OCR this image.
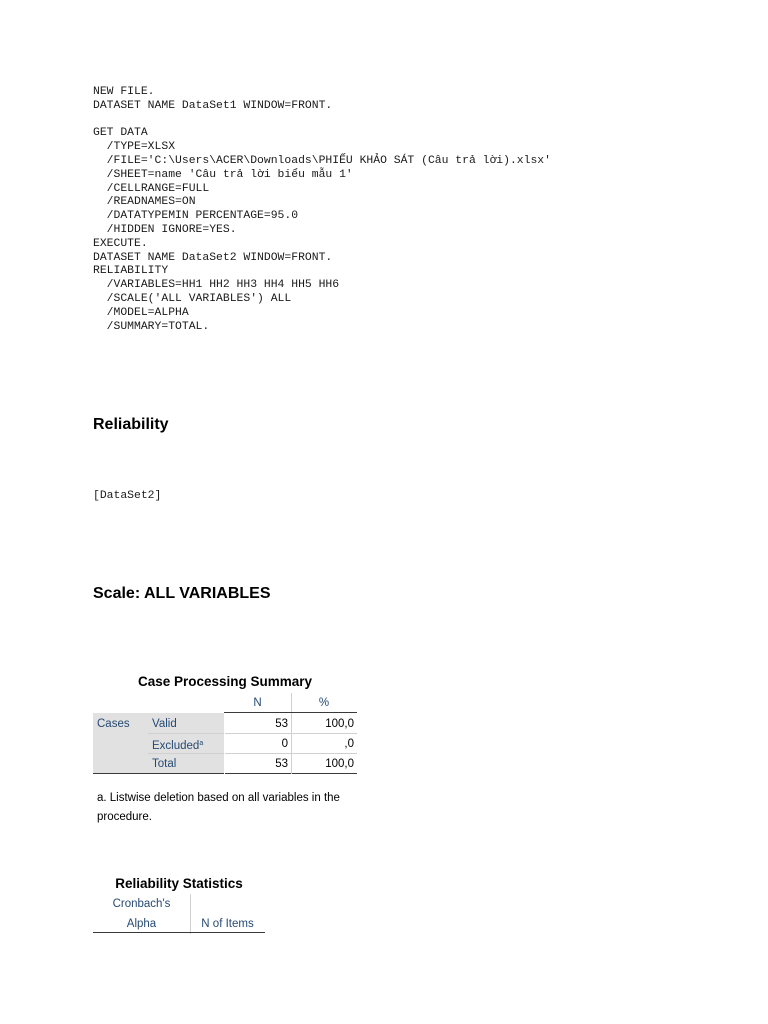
NEW FILE.
DATASET NAME DataSet1 WINDOW=FRONT.
GET DATA
/TYPE=XLSX
/FILE='C:\Users\ACER\Downloads\PHIẾU KHẢO SÁT (Câu trả lời).xlsx'
/SHEET=name 'Câu trả lời biểu mẫu 1'
/CELLRANGE=FULL
/READNAMES=ON
/DATATYPEMIN PERCENTAGE=95.0
/HIDDEN IGNORE=YES.
EXECUTE.
DATASET NAME DataSet2 WINDOW=FRONT.
RELIABILITY
/VARIABLES=HH1 HH2 HH3 HH4 HH5 HH6
/SCALE('ALL VARIABLES') ALL
/MODEL=ALPHA
/SUMMARY=TOTAL.
Reliability
[DataSet2]
Scale: ALL VARIABLES
Case Processing Summary
N	%
Cases	Valid	53	100,0
Excluded$^a$	0	,0
Total	53	100,0
a. Listwise deletion based on all variables in the procedure.
Reliability Statistics
Cronbach's
Alpha	N of Items
